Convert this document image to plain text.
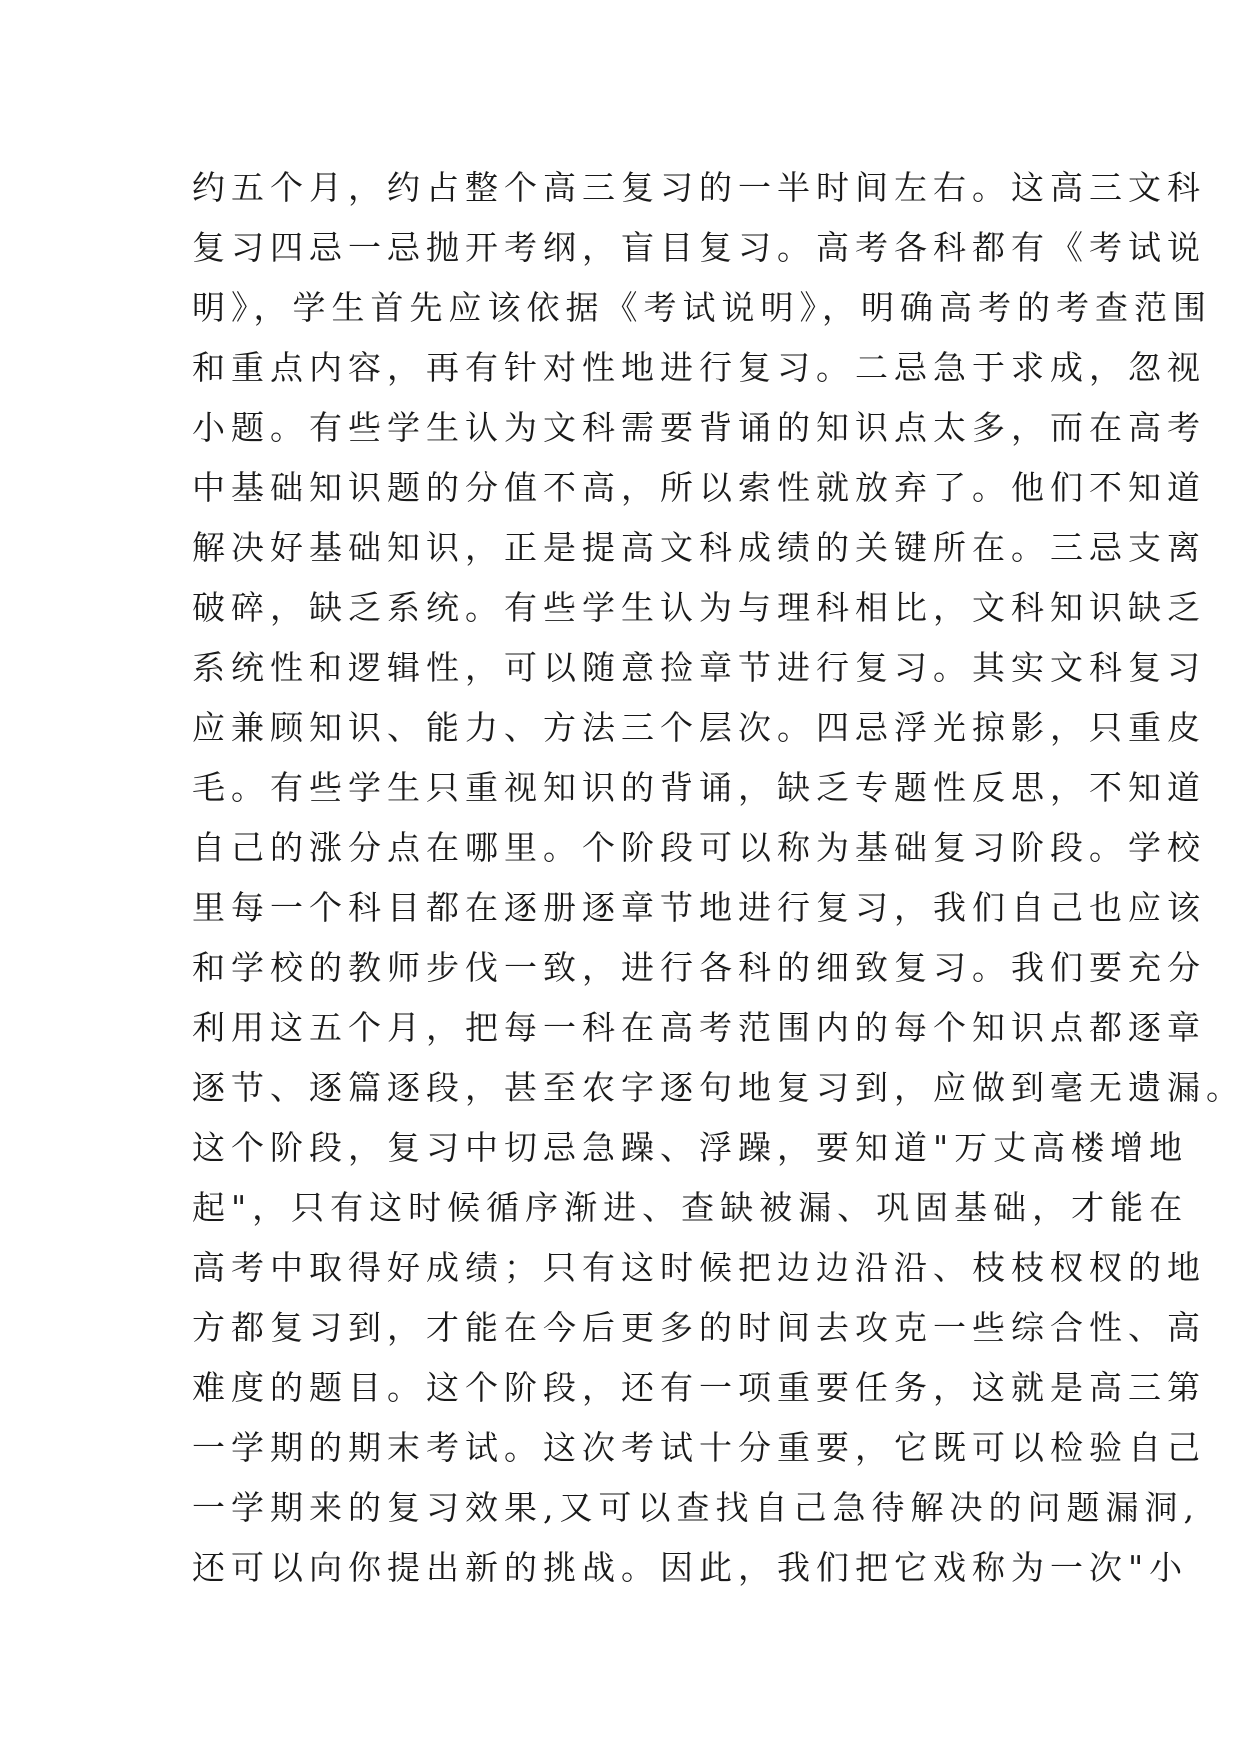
约五个月，约占整个高三复习的一半时间左右。这高三文科
复习四忌一忌抛开考纲，盲目复习。高考各科都有《考试说
明》，学生首先应该依据《考试说明》，明确高考的考查范围
和重点内容，再有针对性地进行复习。二忌急于求成，忽视
小题。有些学生认为文科需要背诵的知识点太多，而在高考
中基础知识题的分值不高，所以索性就放弃了。他们不知道
解决好基础知识，正是提高文科成绩的关键所在。三忌支离
破碎，缺乏系统。有些学生认为与理科相比，文科知识缺乏
系统性和逻辑性，可以随意捡章节进行复习。其实文科复习
应兼顾知识、能力、方法三个层次。四忌浮光掠影，只重皮
毛。有些学生只重视知识的背诵，缺乏专题性反思，不知道
自己的涨分点在哪里。个阶段可以称为基础复习阶段。学校
里每一个科目都在逐册逐章节地进行复习，我们自己也应该
和学校的教师步伐一致，进行各科的细致复习。我们要充分
利用这五个月，把每一科在高考范围内的每个知识点都逐章
逐节、逐篇逐段，甚至农字逐句地复习到，应做到毫无遗漏。
这个阶段，复习中切忌急躁、浮躁，要知道"万丈高楼增地
起"，只有这时候循序渐进、查缺被漏、巩固基础，才能在
高考中取得好成绩；只有这时候把边边沿沿、枝枝杈杈的地
方都复习到，才能在今后更多的时间去攻克一些综合性、高
难度的题目。这个阶段，还有一项重要任务，这就是高三第
一学期的期末考试。这次考试十分重要，它既可以检验自己
一学期来的复习效果,又可以查找自己急待解决的问题漏洞,
还可以向你提出新的挑战。因此，我们把它戏称为一次"小
